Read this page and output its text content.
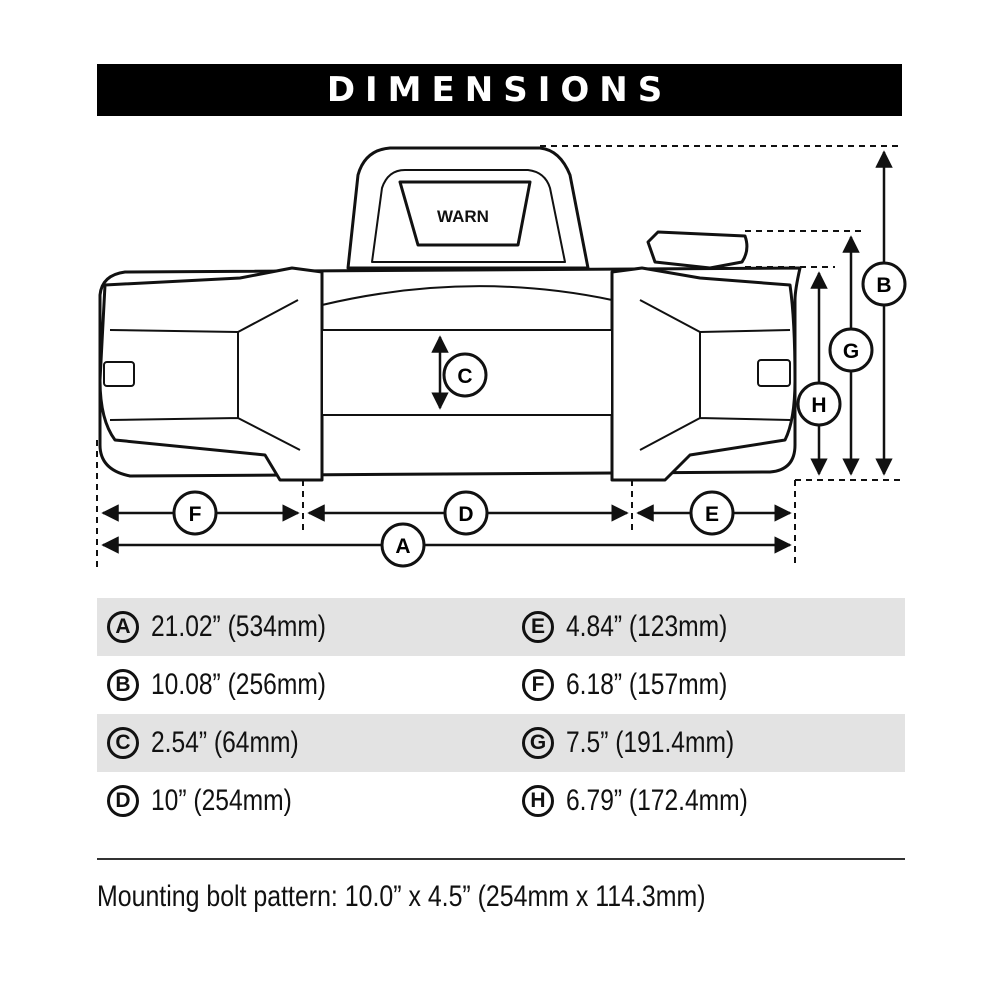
DIMENSIONS
WARN
F	D	E
A
C
B
G
H
A 21.02” (534mm)	E 4.84” (123mm)
B 10.08” (256mm)	F 6.18” (157mm)
C 2.54” (64mm)	G 7.5” (191.4mm)
D 10” (254mm)	H 6.79” (172.4mm)
Mounting bolt pattern: 10.0” x 4.5” (254mm x 114.3mm)
